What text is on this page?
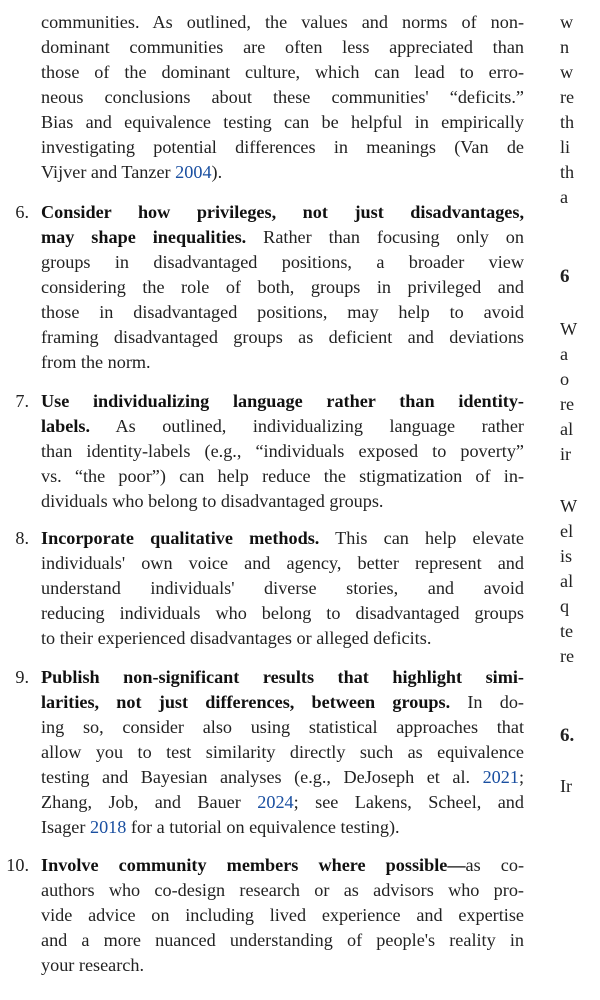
communities. As outlined, the values and norms of non-
dominant communities are often less appreciated than
those of the dominant culture, which can lead to erro-
neous conclusions about these communities' “deficits.”
Bias and equivalence testing can be helpful in empirically
investigating potential differences in meanings (Van de
Vijver and Tanzer 2004).
6. Consider how privileges, not just disadvantages,
may shape inequalities. Rather than focusing only on
groups in disadvantaged positions, a broader view
considering the role of both, groups in privileged and
those in disadvantaged positions, may help to avoid
framing disadvantaged groups as deficient and deviations
from the norm.
7. Use individualizing language rather than identity-
labels. As outlined, individualizing language rather
than identity-labels (e.g., “individuals exposed to poverty”
vs. “the poor”) can help reduce the stigmatization of in-
dividuals who belong to disadvantaged groups.
8. Incorporate qualitative methods. This can help elevate
individuals' own voice and agency, better represent and
understand individuals' diverse stories, and avoid
reducing individuals who belong to disadvantaged groups
to their experienced disadvantages or alleged deficits.
9. Publish non-significant results that highlight simi-
larities, not just differences, between groups. In do-
ing so, consider also using statistical approaches that
allow you to test similarity directly such as equivalence
testing and Bayesian analyses (e.g., DeJoseph et al. 2021;
Zhang, Job, and Bauer 2024; see Lakens, Scheel, and
Isager 2018 for a tutorial on equivalence testing).
10. Involve community members where possible—as co-
authors who co-design research or as advisors who pro-
vide advice on including lived experience and expertise
and a more nuanced understanding of people's reality in
your research.
w
n
w
re
th
li
th
a
6
W
a
o
re
al
ir
W
el
is
al
q
te
re
6.
Ir
